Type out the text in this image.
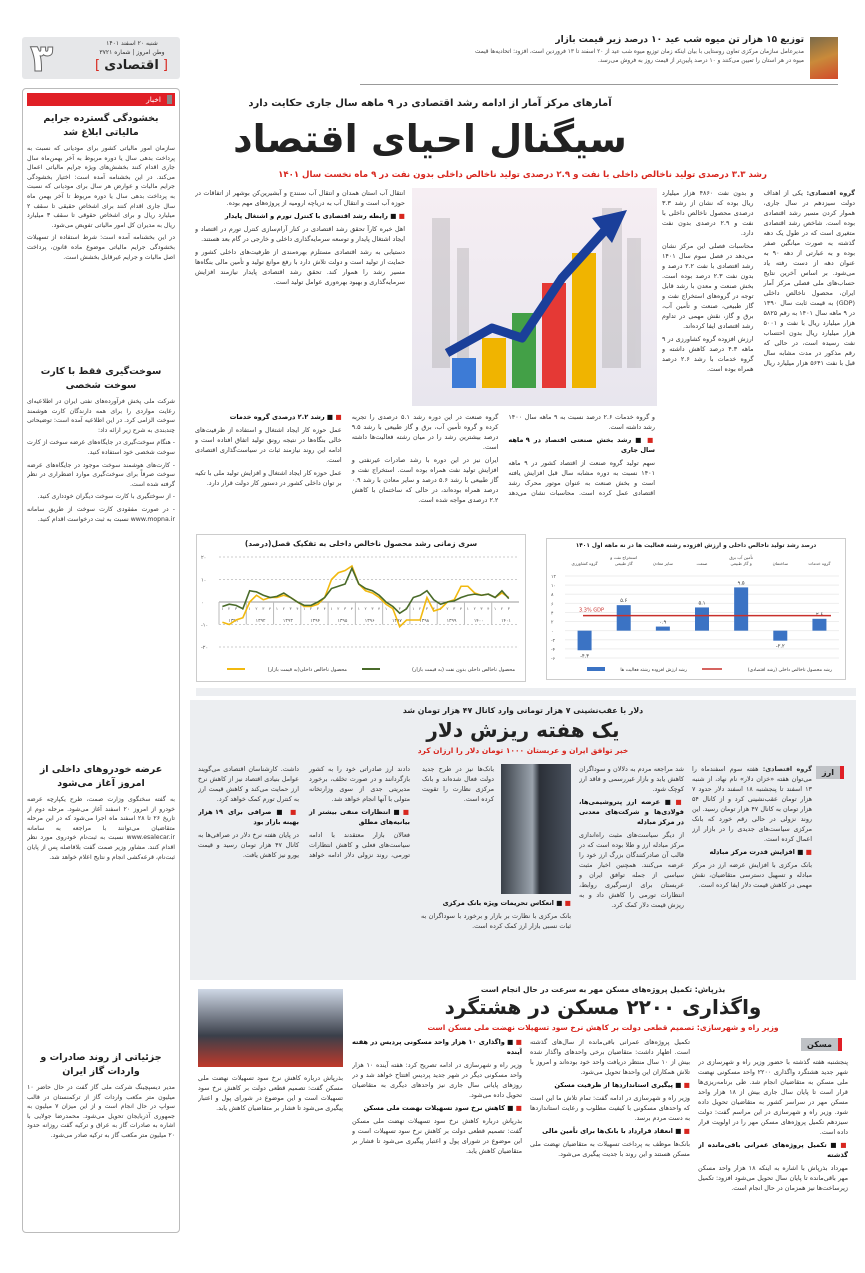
توزیع ۱۵ هزار تن میوه شب عید ۱۰ درصد زیر قیمت بازار
مدیرعامل سازمان مرکزی تعاون روستایی با بیان اینکه زمان توزیع میوه شب عید از ۲۰ اسفند تا ۱۳ فروردین است، افزود: اتحادیه‌ها قیمت میوه در هر استان را تعیین می‌کنند و ۱۰ درصد پایین‌تر از قیمت روز به فروش می‌رسد.
۳	شنبه ۲۰ اسفند ۱۴۰۱
وطن امروز | شماره ۳۷۲۱
[ اقتصادی ]
اخبار
بخشودگی گسترده جرایم مالیاتی ابلاغ شد

سازمان امور مالیاتی کشور برای مودیانی که نسبت به پرداخت بدهی سال یا دوره مربوط به آخر بهمن‌ماه سال جاری اقدام کنند بخشش‌های ویژه جرایم مالیاتی اعمال می‌کند. در این بخشنامه آمده است: اختیار بخشودگی جرایم مالیات و عوارض هر سال برای مودیانی که نسبت به پرداخت بدهی سال یا دوره مربوط تا آخر بهمن ماه سال جاری اقدام کنند برای اشخاص حقیقی تا سقف ۲ میلیارد ریال و برای اشخاص حقوقی تا سقف ۳ میلیارد ریال به مدیران کل امور مالیاتی تفویض می‌شود.

در این بخشنامه آمده است: شرط استفاده از تسهیلات بخشودگی جرایم مالیاتی موضوع ماده قانون، پرداخت اصل مالیات و جرایم غیرقابل بخشش است.

سوخت‌گیری فقط با کارت سوخت شخصی

شرکت ملی پخش فرآورده‌های نفتی ایران در اطلاعیه‌ای رعایت مواردی را برای همه دارندگان کارت هوشمند سوخت الزامی کرد. در این اطلاعیه آمده است: توضیحاتی چندبندی به شرح زیر ارائه داد:

- هنگام سوخت‌گیری در جایگاه‌های عرضه سوخت از کارت سوخت شخصی خود استفاده کنید.

- کارت‌های هوشمند سوخت موجود در جایگاه‌های عرضه سوخت صرفاً برای سوخت‌گیری موارد اضطراری در نظر گرفته شده است.

- از سوختگیری با کارت سوخت دیگران خودداری کنید.

- در صورت مفقودی کارت سوخت از طریق سامانه www.mopna.ir نسبت به ثبت درخواست اقدام کنید.

عرضه خودروهای داخلی از امروز آغاز می‌شود

به گفته سخنگوی وزارت صمت، طرح یکپارچه عرضه خودرو از امروز ۲۰ اسفند آغاز می‌شود. مرحله دوم از تاریخ ۲۶ تا ۲۸ اسفند ماه اجرا می‌شود که در این مرحله متقاضیان می‌توانند با مراجعه به سامانه www.esalecar.ir نسبت به ثبت‌نام خودروی مورد نظر اقدام کنند. مشاور وزیر صمت گفت بلافاصله پس از پایان ثبت‌نام، قرعه‌کشی انجام و نتایج اعلام خواهد شد.

جزئیاتی از روند صادرات و واردات گاز ایران

مدیر دیسپچینگ شرکت ملی گاز گفت در حال حاضر ۱۰ میلیون متر مکعب واردات گاز از ترکمنستان در قالب سواپ در حال انجام است و از این میزان ۷ میلیون به جمهوری آذربایجان تحویل می‌شود. محمدرضا جولایی با اشاره به صادرات گاز به عراق و ترکیه گفت روزانه حدود ۲۰ میلیون متر مکعب گاز به ترکیه صادر می‌شود.

آمارهای مرکز آمار از ادامه رشد اقتصادی در ۹ ماهه سال جاری حکایت دارد
سیگنال احیای اقتصاد
رشد ۳.۳ درصدی تولید ناخالص داخلی با نفت و ۲.۹ درصدی تولید ناخالص داخلی بدون نفت در ۹ ماه نخست سال ۱۴۰۱

گروه اقتصادی: یکی از اهداف دولت سیزدهم در سال جاری، هموار کردن مسیر رشد اقتصادی بوده است. شاخص رشد اقتصادی متغیری است که در طول یک دهه گذشته به صورت میانگین صفر بوده و به عبارتی از دهه ۹۰ به عنوان دهه از دست رفته یاد می‌شود. بر اساس آخرین نتایج حساب‌های ملی فصلی مرکز آمار ایران، محصول ناخالص داخلی (GDP) به قیمت ثابت سال ۱۳۹۰ در ۹ ماهه سال ۱۴۰۱ به رقم ۵۸۲۵ هزار میلیارد ریال با نفت و ۵۰۰۱ هزار میلیارد ریال بدون احتساب نفت رسیده است، در حالی که رقم مذکور در مدت مشابه سال قبل با نفت ۵۶۴۱ هزار میلیارد ریال و بدون نفت ۴۸۶۰ هزار میلیارد ریال بوده که نشان از رشد ۳.۳ درصدی محصول ناخالص داخلی با نفت و ۲.۹ درصدی بدون نفت دارد.

محاسبات فصلی این مرکز نشان می‌دهد در فصل سوم سال ۱۴۰۱ رشد اقتصادی با نفت ۲.۲ درصد و بدون نفت ۲.۳ درصد بوده است. بخش صنعت و معدن با رشد قابل توجه در گروه‌های استخراج نفت و گاز طبیعی، صنعت و تأمین آب، برق و گاز، نقش مهمی در تداوم رشد اقتصادی ایفا کرده‌اند.

ارزش افزوده گروه کشاورزی در ۹ ماهه ۴.۳ درصد کاهش داشته و گروه خدمات با رشد ۲.۶ درصد همراه بوده است.

انتقال آب استان همدان و انتقال آب سنندج و آبشیرین‌کن بوشهر از اتفاقات در حوزه آب است و انتقال آب به دریاچه ارومیه از پروژه‌های مهم بوده.

■ ■ رابطه رشد اقتصادی با کنترل تورم و اشتغال پایدار

اهل خبره کارآ تحقق رشد اقتصادی در کنار آرام‌سازی کنترل تورم در اقتصاد و ایجاد اشتغال پایدار و توسعه سرمایه‌گذاری داخلی و خارجی در گام بعد هستند.

دستیابی به رشد اقتصادی مستلزم بهره‌مندی از ظرفیت‌های داخلی کشور و حمایت از تولید است و دولت تلاش دارد با رفع موانع تولید و تأمین مالی بنگاه‌ها مسیر رشد را هموار کند. تحقق رشد اقتصادی پایدار نیازمند افزایش سرمایه‌گذاری و بهبود بهره‌وری عوامل تولید است.

و گروه خدمات ۲.۶ درصد نسبت به ۹ ماهه سال ۱۴۰۰ رشد داشته است.

■ ■ رشد بخش صنعتی اقتصاد در ۹ ماهه سال جاری

سهم تولید گروه صنعت از اقتصاد کشور در ۹ ماهه ۱۴۰۱ نسبت به دوره مشابه سال قبل افزایش یافته است و بخش صنعت به عنوان موتور محرک رشد اقتصادی عمل کرده است. محاسبات نشان می‌دهد گروه صنعت در این دوره رشد ۵.۱ درصدی را تجربه کرده و گروه تأمین آب، برق و گاز طبیعی با رشد ۹.۵ درصد بیشترین رشد را در میان رشته فعالیت‌ها داشته است.

ایران نیز در این دوره با رشد صادرات غیرنفتی و افزایش تولید نفت همراه بوده است. استخراج نفت و گاز طبیعی با رشد ۵.۶ درصد و سایر معادن با رشد ۰.۹ درصد همراه بوده‌اند، در حالی که ساختمان با کاهش ۲.۲ درصدی مواجه شده است.

■ ■ رشد ۲.۲ درصدی گروه خدمات

عمل حوزه کار ایجاد اشتغال و استفاده از ظرفیت‌های خالی بنگاه‌ها در نتیجه رونق تولید اتفاق افتاده است و ادامه این روند نیازمند ثبات در سیاست‌گذاری اقتصادی است.

عمل حوزه کار ایجاد اشتغال و افزایش تولید ملی با تکیه بر توان داخلی کشور در دستور کار دولت قرار دارد.

سری زمانی رشد محصول ناخالص داخلی به تفکیک فصل(درصد)
۲۰
۱۰
۰
-۱۰
-۲۰
۱۳۹۱
۱ ۲ ۳ ۴
۱۳۹۲
۱ ۲ ۳ ۴
۱۳۹۳
۱ ۲ ۳ ۴
۱۳۹۴
۱ ۲ ۳ ۴
۱۳۹۵
۱ ۲ ۳ ۴
۱۳۹۶
۱ ۲ ۳ ۴
۱۳۹۷
۱ ۲ ۳ ۴
۱۳۹۸
۱ ۲ ۳ ۴
۱۳۹۹
۱ ۲ ۳ ۴
۱۴۰۰
۱ ۲ ۳ ۴
۱۴۰۱
۱ ۲ ۳
محصول ناخالص داخلی(به قیمت بازار)	محصول ناخالص داخلی بدون نفت (به قیمت بازار)
درصد رشد تولید ناخالص داخلی و ارزش افزوده رشته فعالیت ها در نه ماهه اول ۱۴۰۱
۱۲
۱۰
۸
۶
۴
۲
۰
-۲
-۴
-۶
۲.۶
گروه خدمات
-۲.۲
ساختمان
۹.۵
تأمین آب برق و گاز طبیعی
۵.۱
صنعت
۰.۹
سایر معادن
۵.۶
استخراج نفت و گاز طبیعی
-۴.۳
گروه کشاورزی
3.3% GDP
رشد ارزش افزوده رشته فعالیت ها	رشد محصول ناخالص داخلی (رشد اقتصادی)
ارز
دلار با عقب‌نشینی ۷ هزار تومانی وارد کانال ۴۷ هزار تومان شد
یک هفته ریزش دلار
خبر توافق ایران و عربستان ۱۰۰۰ تومان دلار را ارزان کرد

گروه اقتصادی: هفته سوم اسفندماه را می‌توان هفته «خزان دلار» نام نهاد، از شنبه ۱۳ اسفند تا پنجشنبه ۱۸ اسفند دلار حدود ۷ هزار تومان عقب‌نشینی کرد و از کانال ۵۴ هزار تومان به کانال ۴۷ هزار تومان رسید. این روند نزولی در حالی رقم خورد که بانک مرکزی سیاست‌های جدیدی را در بازار ارز اعمال کرده است.

■ ■ افزایش قدرت مرکز مبادله

بانک مرکزی با افزایش عرضه ارز در مرکز مبادله و تسهیل دسترسی متقاضیان، نقش مهمی در کاهش قیمت دلار ایفا کرده است.

شد مراجعه مردم به دلالان و سوداگران کاهش یابد و بازار غیررسمی و فاقد ارز کوچک شود.

■ ■ عرضه ارز پتروشیمی‌ها، فولادی‌ها و شرکت‌های معدنی در مرکز مبادله

از دیگر سیاست‌های مثبت راه‌اندازی مرکز مبادله ارز و طلا بوده است که در قالب آن صادرکنندگان بزرگ ارز خود را عرضه می‌کنند. همچنین اخبار مثبت سیاسی از جمله توافق ایران و عربستان برای ازسرگیری روابط، انتظارات تورمی را کاهش داد و به ریزش قیمت دلار کمک کرد.

■ ■ انعکاس تحریمات ویژه بانک مرکزی

بانک مرکزی با نظارت بر بازار و برخورد با سوداگران به ثبات نسبی بازار ارز کمک کرده است.

بانک‌ها نیز در طرح جدید دولت فعال شده‌اند و بانک مرکزی نظارت را تقویت کرده است.

دادند ارز صادراتی خود را به کشور بازگردانند و در صورت تخلف، برخورد مدیریتی جدی از سوی وزارتخانه متولی با آنها انجام خواهد شد.

■ ■ انتظارات منفی بیشتر از بیانیه‌های مطلق

فعالان بازار معتقدند با ادامه سیاست‌های فعلی و کاهش انتظارات تورمی، روند نزولی دلار ادامه خواهد داشت. کارشناسان اقتصادی می‌گویند عوامل بنیادی اقتصاد نیز از کاهش نرخ ارز حمایت می‌کند و کاهش قیمت ارز به کنترل تورم کمک خواهد کرد.

■ ■ صرافی برای ۱۹ هزار بهینه بازار بود

در پایان هفته نرخ دلار در صرافی‌ها به کانال ۴۷ هزار تومان رسید و قیمت یورو نیز کاهش یافت.

مسکن
بذرپاش: تکمیل پروژه‌های مسکن مهر به سرعت در حال انجام است
واگذاری ۲۲۰۰ مسکن در هشتگرد
وزیر راه و شهرسازی: تصمیم قطعی دولت بر کاهش نرخ سود تسهیلات نهضت ملی مسکن است

پنجشنبه هفته گذشته با حضور وزیر راه و شهرسازی در شهر جدید هشتگرد واگذاری ۲۲۰۰ واحد مسکونی نهضت ملی مسکن به متقاضیان انجام شد. طی برنامه‌ریزی‌ها قرار است تا پایان سال جاری بیش از ۱۸ هزار واحد مسکن مهر در سراسر کشور به متقاضیان تحویل داده شود. وزیر راه و شهرسازی در این مراسم گفت: دولت سیزدهم تکمیل پروژه‌های مسکن مهر را در اولویت قرار داده است.

■ ■ تکمیل پروژه‌های عمرانی باقی‌مانده از گذشته

مهرداد بذرپاش با اشاره به اینکه ۱۸ هزار واحد مسکن مهر باقی‌مانده تا پایان سال تحویل می‌شود افزود: تکمیل زیرساخت‌ها نیز همزمان در حال انجام است.

تکمیل پروژه‌های عمرانی باقی‌مانده از سال‌های گذشته است. اظهار داشت: متقاضیان برخی واحدهای واگذار شده بیش از ۱۰ سال منتظر دریافت واحد خود بوده‌اند و امروز با تلاش همکاران این واحدها تحویل می‌شود.

■ ■ پیگیری استانداردها از ظرفیت مسکن

وزیر راه و شهرسازی در ادامه گفت: تمام تلاش ما این است که واحدهای مسکونی با کیفیت مطلوب و رعایت استانداردها به دست مردم برسد.

■ ■ انعقاد قرارداد با بانک‌ها برای تأمین مالی

بانک‌ها موظف به پرداخت تسهیلات به متقاضیان نهضت ملی مسکن هستند و این روند با جدیت پیگیری می‌شود.

■ ■ واگذاری ۱۰ هزار واحد مسکونی پردیس در هفته آینده

وزیر راه و شهرسازی در ادامه تصریح کرد: هفته آینده ۱۰ هزار واحد مسکونی دیگر در شهر جدید پردیس افتتاح خواهد شد و در روزهای پایانی سال جاری نیز واحدهای دیگری به متقاضیان تحویل داده می‌شود.

■ ■ کاهش نرخ سود تسهیلات نهضت ملی مسکن

بذرپاش درباره کاهش نرخ سود تسهیلات نهضت ملی مسکن گفت: تصمیم قطعی دولت بر کاهش نرخ سود تسهیلات است و این موضوع در شورای پول و اعتبار پیگیری می‌شود تا فشار بر متقاضیان کاهش یابد.

بذرپاش درباره کاهش نرخ سود تسهیلات نهضت ملی مسکن گفت: تصمیم قطعی دولت بر کاهش نرخ سود تسهیلات است و این موضوع در شورای پول و اعتبار پیگیری می‌شود تا فشار بر متقاضیان کاهش یابد.
